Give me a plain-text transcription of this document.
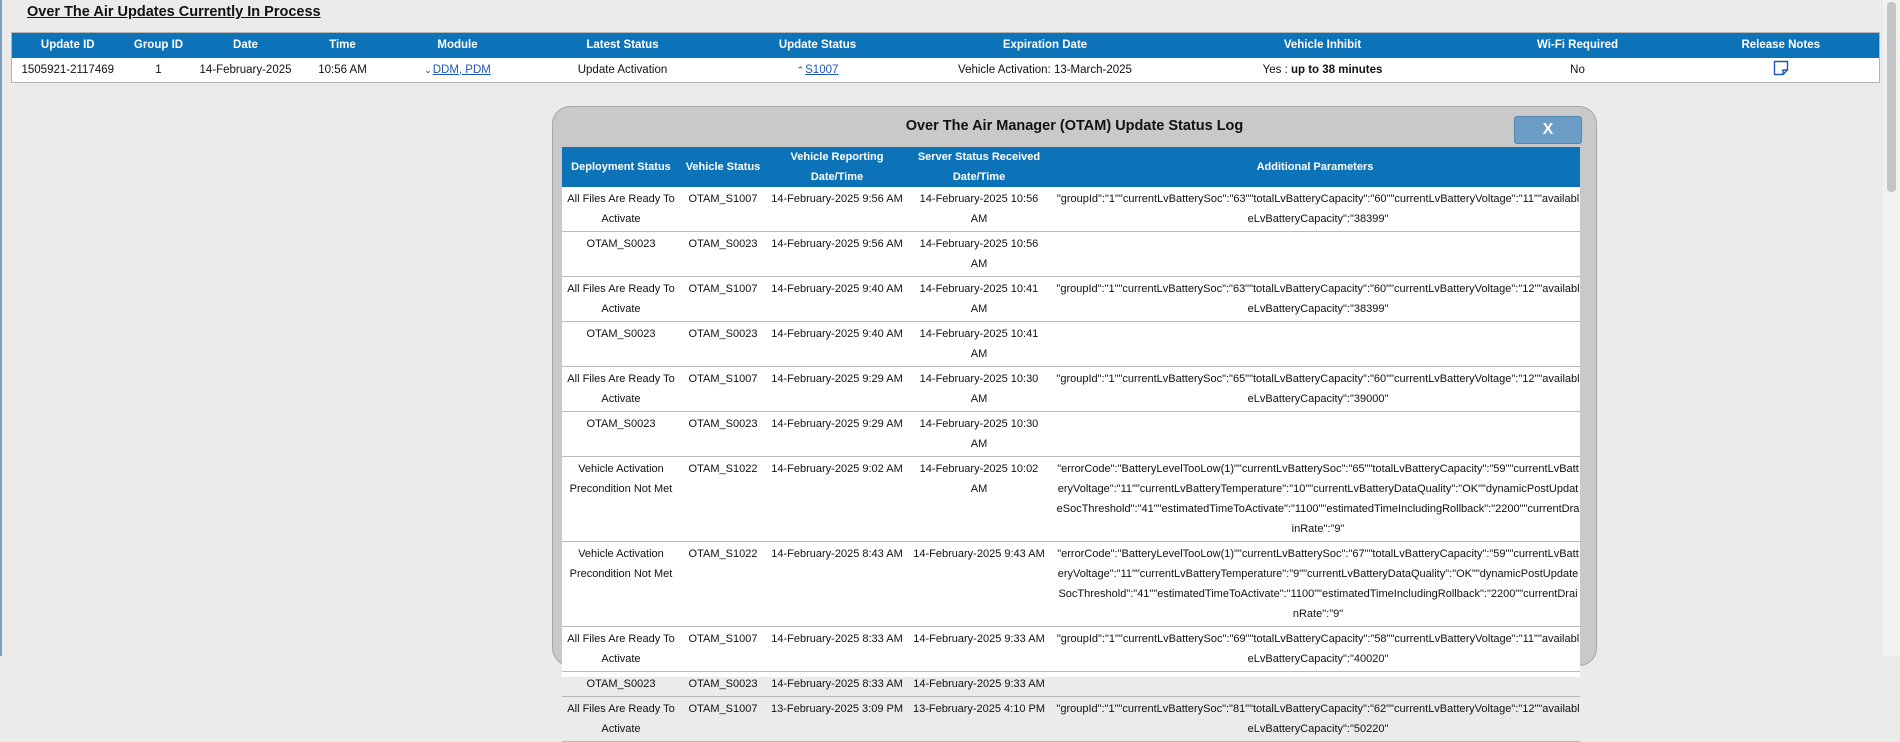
Over The Air Updates Currently In Process
Update ID	Group ID	Date	Time	Module	Latest Status	Update Status	Expiration Date	Vehicle Inhibit	Wi-Fi Required	Release Notes
1505921-2117469	1	14-February-2025	10:56 AM	⌄DDM, PDM	Update Activation	⌃S1007	Vehicle Activation: 13-March-2025	Yes : up to 38 minutes	No	
Over The Air Manager (OTAM) Update Status Log	X
Deployment Status	Vehicle Status	Vehicle Reporting	Server Status Received	Additional Parameters
		Date/Time	Date/Time	
All Files Are Ready To Activate	OTAM_S1007	14-February-2025 9:56 AM	14-February-2025 10:56 AM	"groupId":"1""currentLvBatterySoc":"63""totalLvBatteryCapacity":"60""currentLvBatteryVoltage":"11""availableLvBatteryCapacity":"38399"
OTAM_S0023	OTAM_S0023	14-February-2025 9:56 AM	14-February-2025 10:56 AM	
All Files Are Ready To Activate	OTAM_S1007	14-February-2025 9:40 AM	14-February-2025 10:41 AM	"groupId":"1""currentLvBatterySoc":"63""totalLvBatteryCapacity":"60""currentLvBatteryVoltage":"12""availableLvBatteryCapacity":"38399"
OTAM_S0023	OTAM_S0023	14-February-2025 9:40 AM	14-February-2025 10:41 AM	
All Files Are Ready To Activate	OTAM_S1007	14-February-2025 9:29 AM	14-February-2025 10:30 AM	"groupId":"1""currentLvBatterySoc":"65""totalLvBatteryCapacity":"60""currentLvBatteryVoltage":"12""availableLvBatteryCapacity":"39000"
OTAM_S0023	OTAM_S0023	14-February-2025 9:29 AM	14-February-2025 10:30 AM	
Vehicle Activation Precondition Not Met	OTAM_S1022	14-February-2025 9:02 AM	14-February-2025 10:02 AM	"errorCode":"BatteryLevelTooLow(1)""currentLvBatterySoc":"65""totalLvBatteryCapacity":"59""currentLvBatteryVoltage":"11""currentLvBatteryTemperature":"10""currentLvBatteryDataQuality":"OK""dynamicPostUpdateSocThreshold":"41""estimatedTimeToActivate":"1100""estimatedTimeIncludingRollback":"2200""currentDrainRate":"9"
Vehicle Activation Precondition Not Met	OTAM_S1022	14-February-2025 8:43 AM	14-February-2025 9:43 AM	"errorCode":"BatteryLevelTooLow(1)""currentLvBatterySoc":"67""totalLvBatteryCapacity":"59""currentLvBatteryVoltage":"11""currentLvBatteryTemperature":"9""currentLvBatteryDataQuality":"OK""dynamicPostUpdateSocThreshold":"41""estimatedTimeToActivate":"1100""estimatedTimeIncludingRollback":"2200""currentDrainRate":"9"
All Files Are Ready To Activate	OTAM_S1007	14-February-2025 8:33 AM	14-February-2025 9:33 AM	"groupId":"1""currentLvBatterySoc":"69""totalLvBatteryCapacity":"58""currentLvBatteryVoltage":"11""availableLvBatteryCapacity":"40020"
OTAM_S0023	OTAM_S0023	14-February-2025 8:33 AM	14-February-2025 9:33 AM	
All Files Are Ready To Activate	OTAM_S1007	13-February-2025 3:09 PM	13-February-2025 4:10 PM	"groupId":"1""currentLvBatterySoc":"81""totalLvBatteryCapacity":"62""currentLvBatteryVoltage":"12""availableLvBatteryCapacity":"50220"
